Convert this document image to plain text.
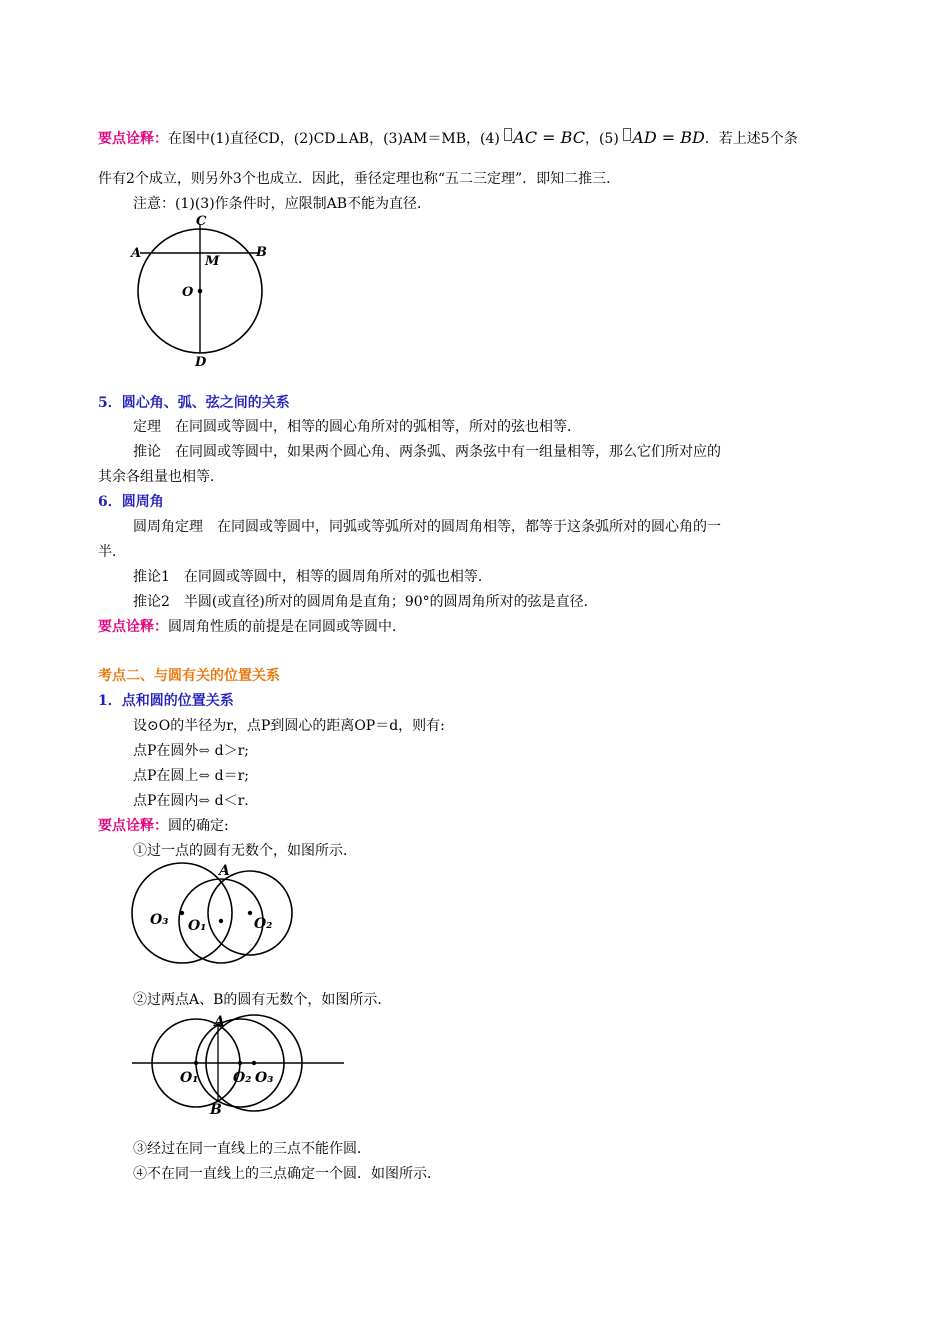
要点诠释：在图中(1)直径CD，(2)CD⊥AB，(3)AM＝MB，(4) AC = BC，(5) AD = BD．若上述5个条
件有2个成立，则另外3个也成立．因此，垂径定理也称“五二三定理”．即知二推三．
注意：(1)(3)作条件时，应限制AB不能为直径．
C
A	B
M
O
D
5．圆心角、弧、弦之间的关系
定理　在同圆或等圆中，相等的圆心角所对的弧相等，所对的弦也相等．
推论　在同圆或等圆中，如果两个圆心角、两条弧、两条弦中有一组量相等，那么它们所对应的
其余各组量也相等．
6．圆周角
圆周角定理　在同圆或等圆中，同弧或等弧所对的圆周角相等，都等于这条弧所对的圆心角的一
半．
推论1　在同圆或等圆中，相等的圆周角所对的弧也相等．
推论2　半圆(或直径)所对的圆周角是直角；90°的圆周角所对的弦是直径．
要点诠释：圆周角性质的前提是在同圆或等圆中．
考点二、与圆有关的位置关系
1．点和圆的位置关系
设⊙O的半径为r，点P到圆心的距离OP＝d，则有:
点P在圆外⇔ d＞r;
点P在圆上⇔ d＝r;
点P在圆内⇔ d＜r．
要点诠释：圆的确定:
①过一点的圆有无数个，如图所示．
A
O₃ O₁	O₂
②过两点A、B的圆有无数个，如图所示．
A
B
O₁ O₂ O₃
③经过在同一直线上的三点不能作圆．
④不在同一直线上的三点确定一个圆．如图所示．
